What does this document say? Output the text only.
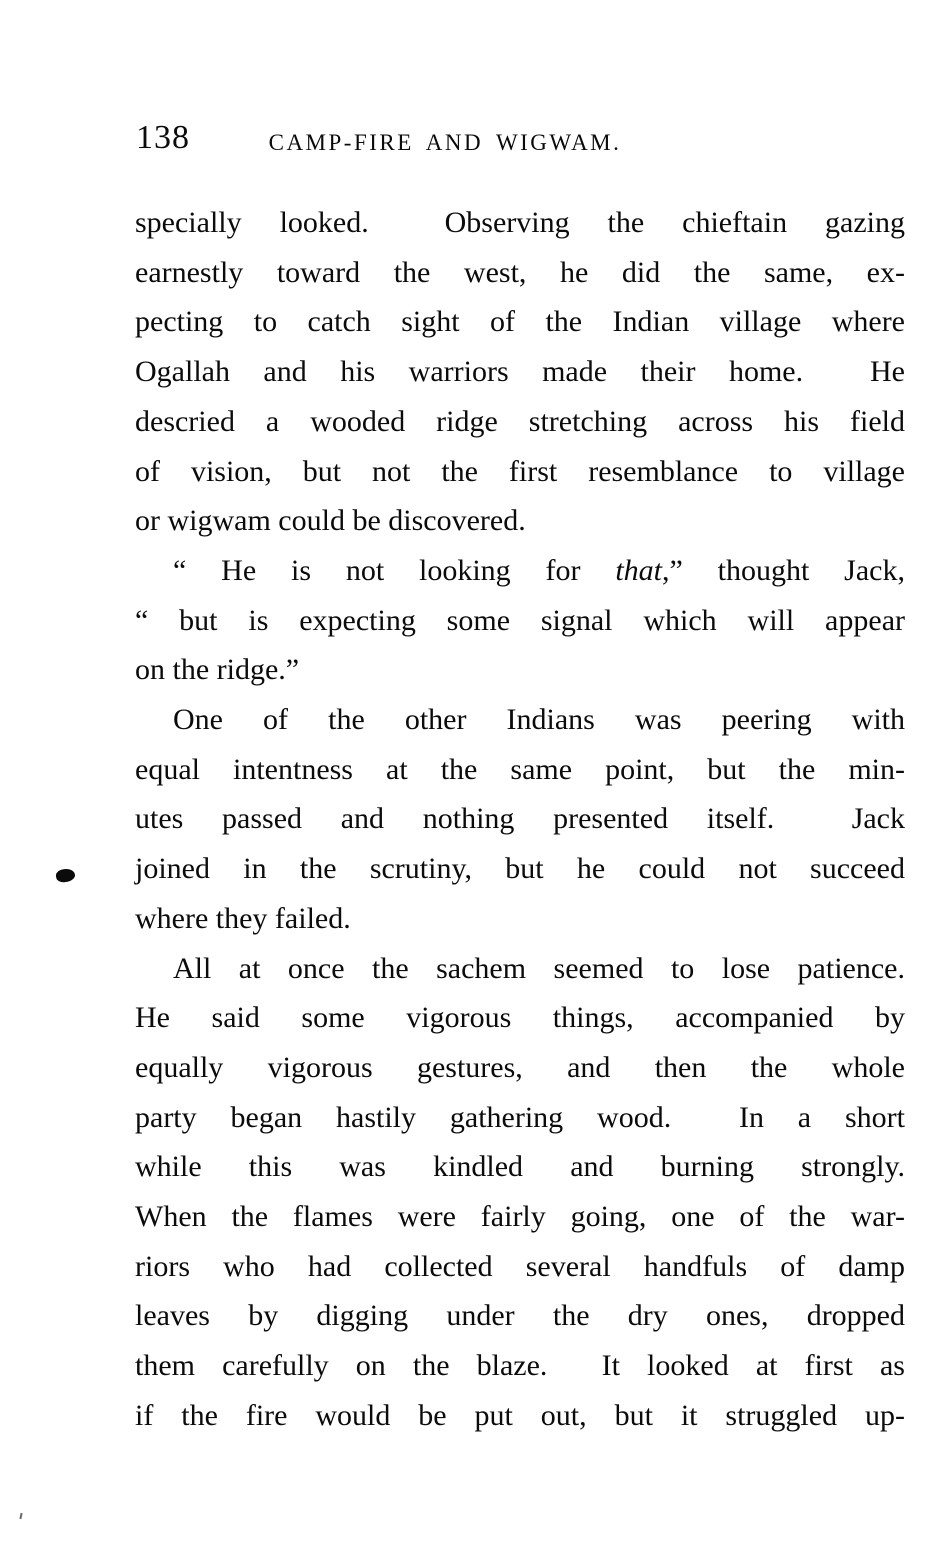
138	CAMP-FIRE AND WIGWAM.
specially looked.  Observing the chieftain gazing
earnestly toward the west, he did the same, ex-
pecting to catch sight of the Indian village where
Ogallah and his warriors made their home.  He
descried a wooded ridge stretching across his field
of vision, but not the first resemblance to village
or wigwam could be discovered.
“ He is not looking for that,” thought Jack,
“ but is expecting some signal which will appear
on the ridge.”
One of the other Indians was peering with
equal intentness at the same point, but the min-
utes passed and nothing presented itself.  Jack
joined in the scrutiny, but he could not succeed
where they failed.
All at once the sachem seemed to lose patience.
He said some vigorous things, accompanied by
equally vigorous gestures, and then the whole
party began hastily gathering wood.  In a short
while this was kindled and burning strongly.
When the flames were fairly going, one of the war-
riors who had collected several handfuls of damp
leaves by digging under the dry ones, dropped
them carefully on the blaze.  It looked at first as
if the fire would be put out, but it struggled up-
